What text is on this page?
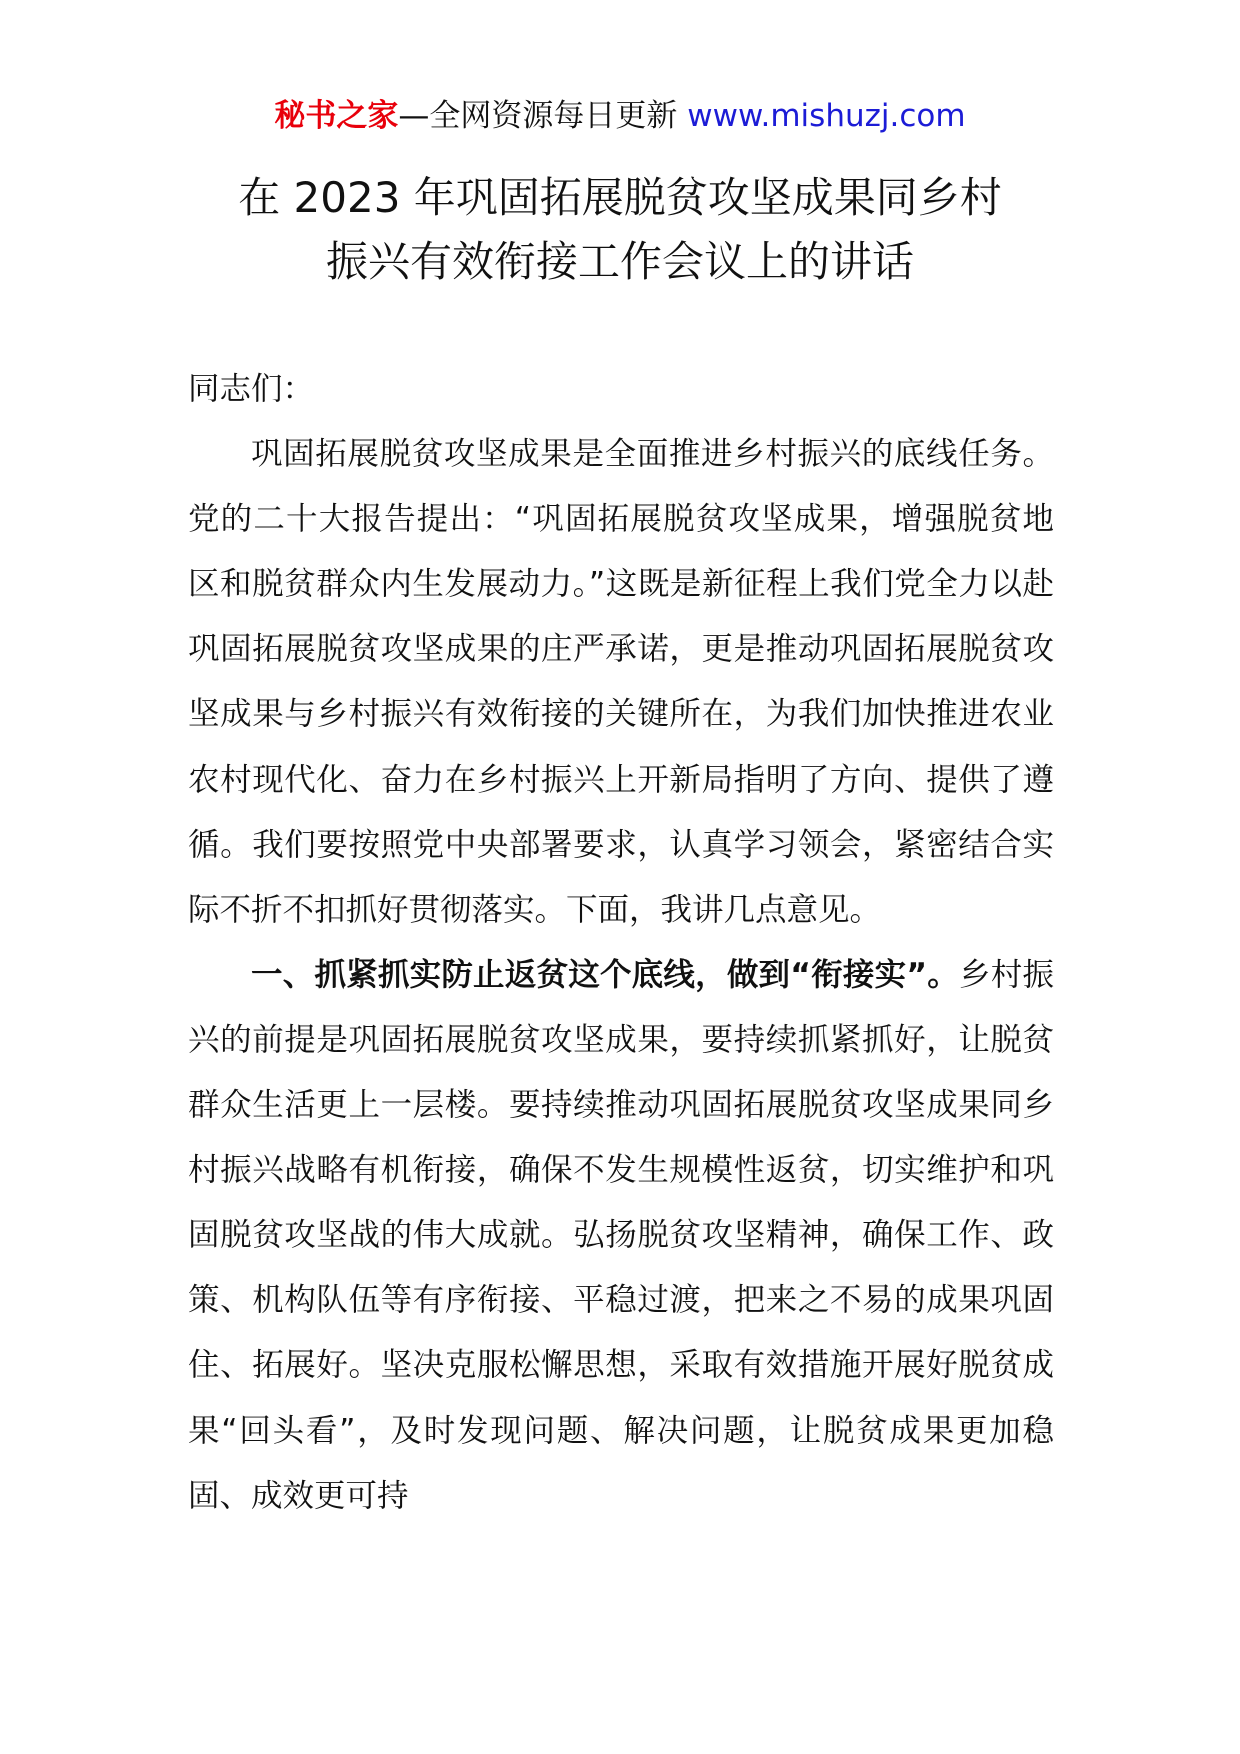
秘书之家—全网资源每日更新 www.mishuzj.com
在 2023 年巩固拓展脱贫攻坚成果同乡村
振兴有效衔接工作会议上的讲话

同志们：

巩固拓展脱贫攻坚成果是全面推进乡村振兴的底线任务。党的二十大报告提出：“巩固拓展脱贫攻坚成果，增强脱贫地区和脱贫群众内生发展动力。”这既是新征程上我们党全力以赴巩固拓展脱贫攻坚成果的庄严承诺，更是推动巩固拓展脱贫攻坚成果与乡村振兴有效衔接的关键所在，为我们加快推进农业农村现代化、奋力在乡村振兴上开新局指明了方向、提供了遵循。我们要按照党中央部署要求，认真学习领会，紧密结合实际不折不扣抓好贯彻落实。下面，我讲几点意见。

一、抓紧抓实防止返贫这个底线，做到“衔接实”。乡村振兴的前提是巩固拓展脱贫攻坚成果，要持续抓紧抓好，让脱贫群众生活更上一层楼。要持续推动巩固拓展脱贫攻坚成果同乡村振兴战略有机衔接，确保不发生规模性返贫，切实维护和巩固脱贫攻坚战的伟大成就。弘扬脱贫攻坚精神，确保工作、政策、机构队伍等有序衔接、平稳过渡，把来之不易的成果巩固住、拓展好。坚决克服松懈思想，采取有效措施开展好脱贫成果“回头看”，及时发现问题、解决问题，让脱贫成果更加稳固、成效更可持
